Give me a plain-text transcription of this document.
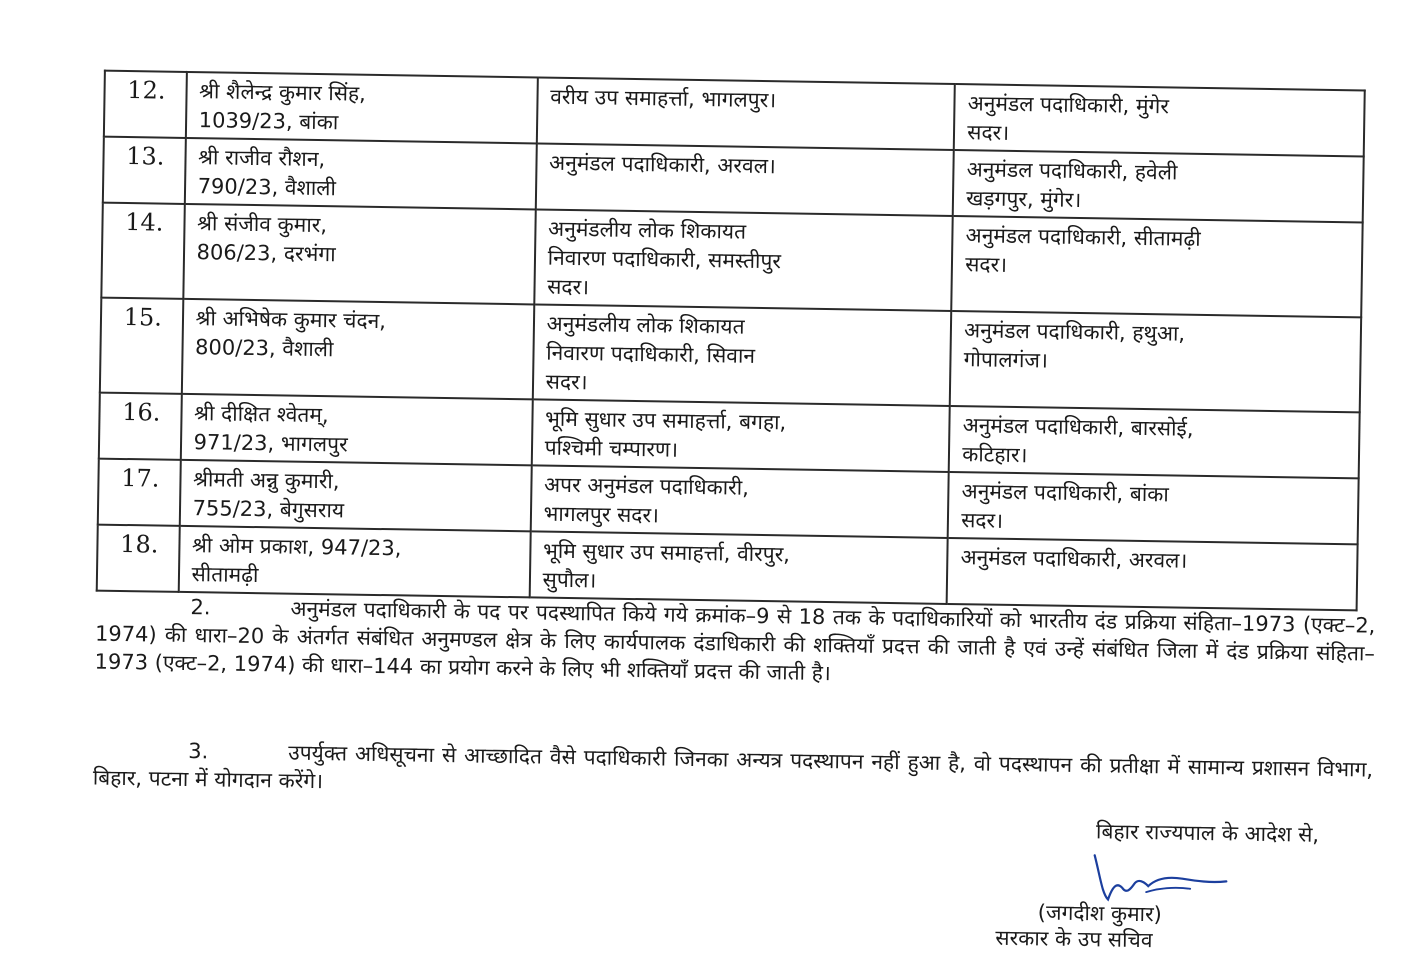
12.	श्री शैलेन्द्र कुमार सिंह,
1039/23, बांका	वरीय उप समाहर्त्ता, भागलपुर।	अनुमंडल पदाधिकारी, मुंगेर
सदर।

13.	श्री राजीव रौशन,
790/23, वैशाली	अनुमंडल पदाधिकारी, अरवल।	अनुमंडल पदाधिकारी, हवेली
खड़गपुर, मुंगेर।

14.	श्री संजीव कुमार,
806/23, दरभंगा	अनुमंडलीय लोक शिकायत
निवारण पदाधिकारी, समस्तीपुर
सदर।	अनुमंडल पदाधिकारी, सीतामढ़ी
सदर।

15.	श्री अभिषेक कुमार चंदन,
800/23, वैशाली	अनुमंडलीय लोक शिकायत
निवारण पदाधिकारी, सिवान
सदर।	अनुमंडल पदाधिकारी, हथुआ,
गोपालगंज।

16.	श्री दीक्षित श्वेतम्,
971/23, भागलपुर	भूमि सुधार उप समाहर्त्ता, बगहा,
पश्चिमी चम्पारण।	अनुमंडल पदाधिकारी, बारसोई,
कटिहार।

17.	श्रीमती अन्नु कुमारी,
755/23, बेगुसराय	अपर अनुमंडल पदाधिकारी,
भागलपुर सदर।	अनुमंडल पदाधिकारी, बांका
सदर।

18.	श्री ओम प्रकाश, 947/23,
सीतामढ़ी	भूमि सुधार उप समाहर्त्ता, वीरपुर,
सुपौल।	अनुमंडल पदाधिकारी, अरवल।
2.	अनुमंडल पदाधिकारी के पद पर पदस्थापित किये गये क्रमांक–9 से 18 तक के पदाधिकारियों को भारतीय दंड प्रक्रिया संहिता–1973 (एक्ट–2, 1974) की धारा–20 के अंतर्गत संबंधित अनुमण्डल क्षेत्र के लिए कार्यपालक दंडाधिकारी की शक्तियाँ प्रदत्त की जाती है एवं उन्हें संबंधित जिला में दंड प्रक्रिया संहिता–1973 (एक्ट–2, 1974) की धारा–144 का प्रयोग करने के लिए भी शक्तियाँ प्रदत्त की जाती है।
3.	उपर्युक्त अधिसूचना से आच्छादित वैसे पदाधिकारी जिनका अन्यत्र पदस्थापन नहीं हुआ है, वो पदस्थापन की प्रतीक्षा में सामान्य प्रशासन विभाग, बिहार, पटना में योगदान करेंगे।
बिहार राज्यपाल के आदेश से,
(जगदीश कुमार)
सरकार के उप सचिव
